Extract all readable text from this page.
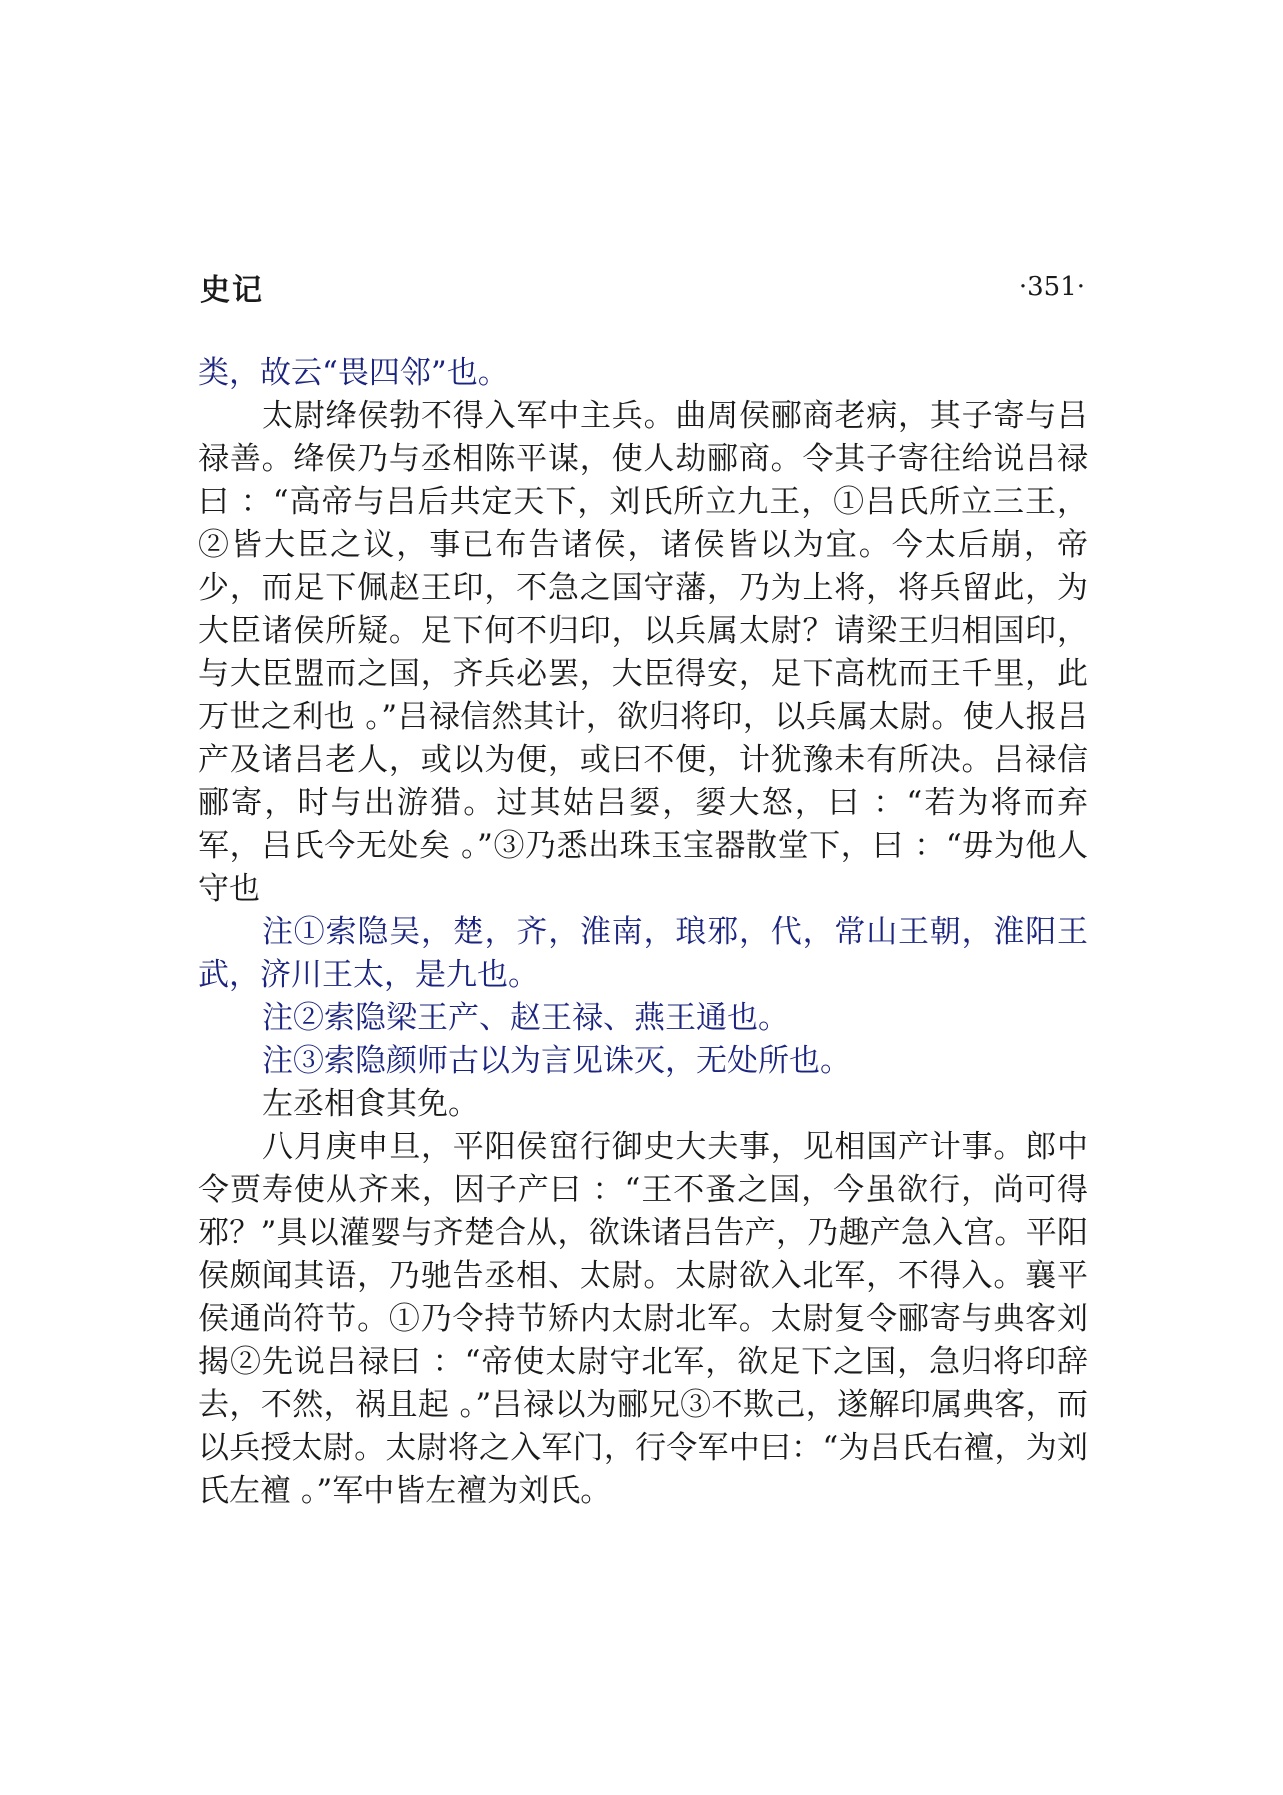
史记	·351·

类，故云“畏四邻”也。

太尉绛侯勃不得入军中主兵。曲周侯郦商老病，其子寄与吕禄善。绛侯乃与丞相陈平谋，使人劫郦商。令其子寄往给说吕禄曰 ：“高帝与吕后共定天下，刘氏所立九王，①吕氏所立三王，②皆大臣之议，事已布告诸侯，诸侯皆以为宜。今太后崩，帝少，而足下佩赵王印，不急之国守藩，乃为上将，将兵留此，为大臣诸侯所疑。足下何不归印，以兵属太尉？请梁王归相国印，与大臣盟而之国，齐兵必罢，大臣得安，足下高枕而王千里，此万世之利也 。”吕禄信然其计，欲归将印，以兵属太尉。使人报吕产及诸吕老人，或以为便，或曰不便，计犹豫未有所决。吕禄信郦寄，时与出游猎。过其姑吕媭，媭大怒，曰 ：“若为将而弃军，吕氏今无处矣 。”③乃悉出珠玉宝器散堂下，曰 ：“毋为他人守也

注①索隐吴，楚，齐，淮南，琅邪，代，常山王朝，淮阳王武，济川王太，是九也。

注②索隐梁王产、赵王禄、燕王通也。

注③索隐颜师古以为言见诛灭，无处所也。

左丞相食其免。

八月庚申旦，平阳侯窋行御史大夫事，见相国产计事。郎中令贾寿使从齐来，因子产曰 ：“王不蚤之国，今虽欲行，尚可得邪？”具以灌婴与齐楚合从，欲诛诸吕告产，乃趣产急入宫。平阳侯颇闻其语，乃驰告丞相、太尉。太尉欲入北军，不得入。襄平侯通尚符节。①乃令持节矫内太尉北军。太尉复令郦寄与典客刘揭②先说吕禄曰 ：“帝使太尉守北军，欲足下之国，急归将印辞去，不然，祸且起 。”吕禄以为郦兄③不欺己，遂解印属典客，而以兵授太尉。太尉将之入军门，行令军中曰：“为吕氏右襢，为刘氏左襢 。”军中皆左襢为刘氏。
